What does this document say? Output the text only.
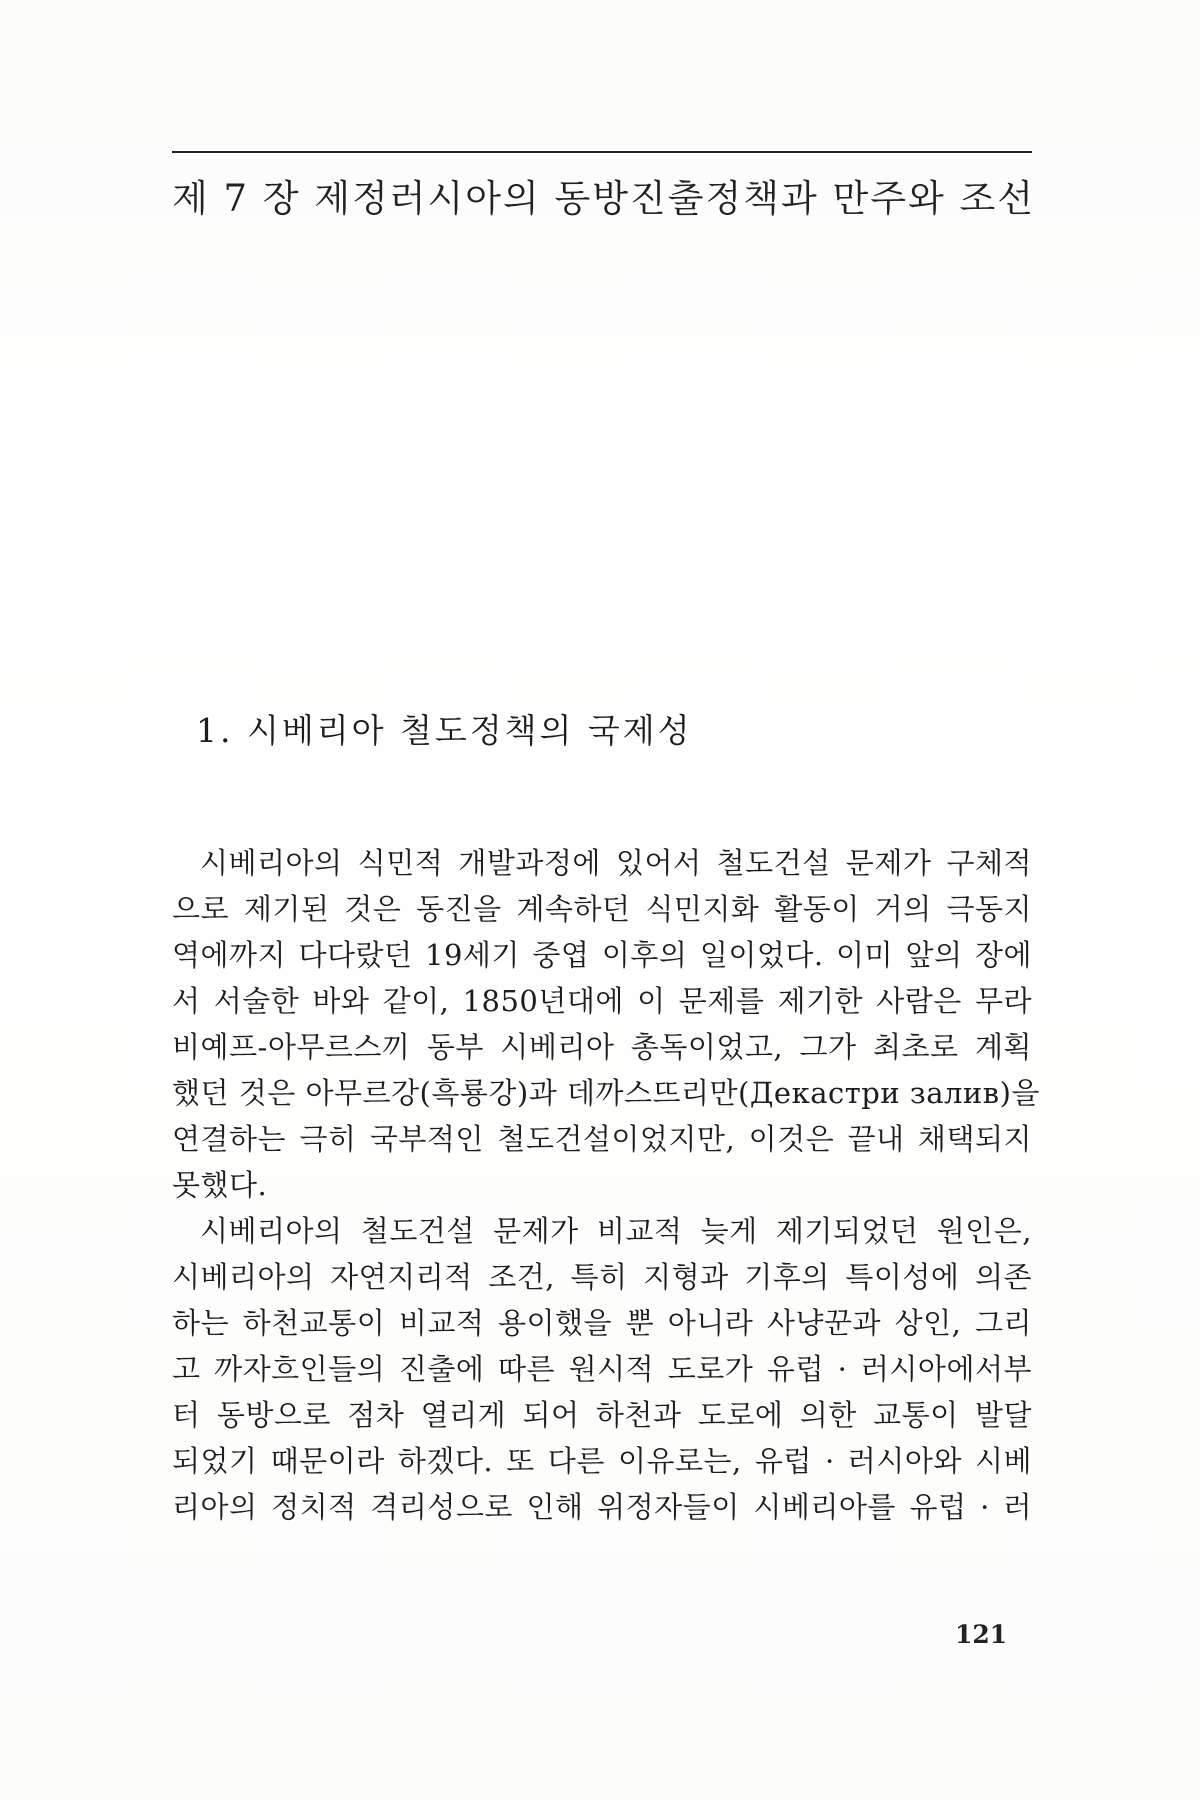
제 7 장 제정러시아의 동방진출정책과 만주와 조선
1. 시베리아 철도정책의 국제성
시베리아의 식민적 개발과정에 있어서 철도건설 문제가 구체적
으로 제기된 것은 동진을 계속하던 식민지화 활동이 거의 극동지
역에까지 다다랐던 19세기 중엽 이후의 일이었다. 이미 앞의 장에
서 서술한 바와 같이, 1850년대에 이 문제를 제기한 사람은 무라
비예프-아무르스끼 동부 시베리아 총독이었고, 그가 최초로 계획
했던 것은 아무르강(흑룡강)과 데까스뜨리만(Декастри залив)을
연결하는 극히 국부적인 철도건설이었지만, 이것은 끝내 채택되지
못했다.
시베리아의 철도건설 문제가 비교적 늦게 제기되었던 원인은,
시베리아의 자연지리적 조건, 특히 지형과 기후의 특이성에 의존
하는 하천교통이 비교적 용이했을 뿐 아니라 사냥꾼과 상인, 그리
고 까자흐인들의 진출에 따른 원시적 도로가 유럽 · 러시아에서부
터 동방으로 점차 열리게 되어 하천과 도로에 의한 교통이 발달
되었기 때문이라 하겠다. 또 다른 이유로는, 유럽 · 러시아와 시베
리아의 정치적 격리성으로 인해 위정자들이 시베리아를 유럽 · 러
121
